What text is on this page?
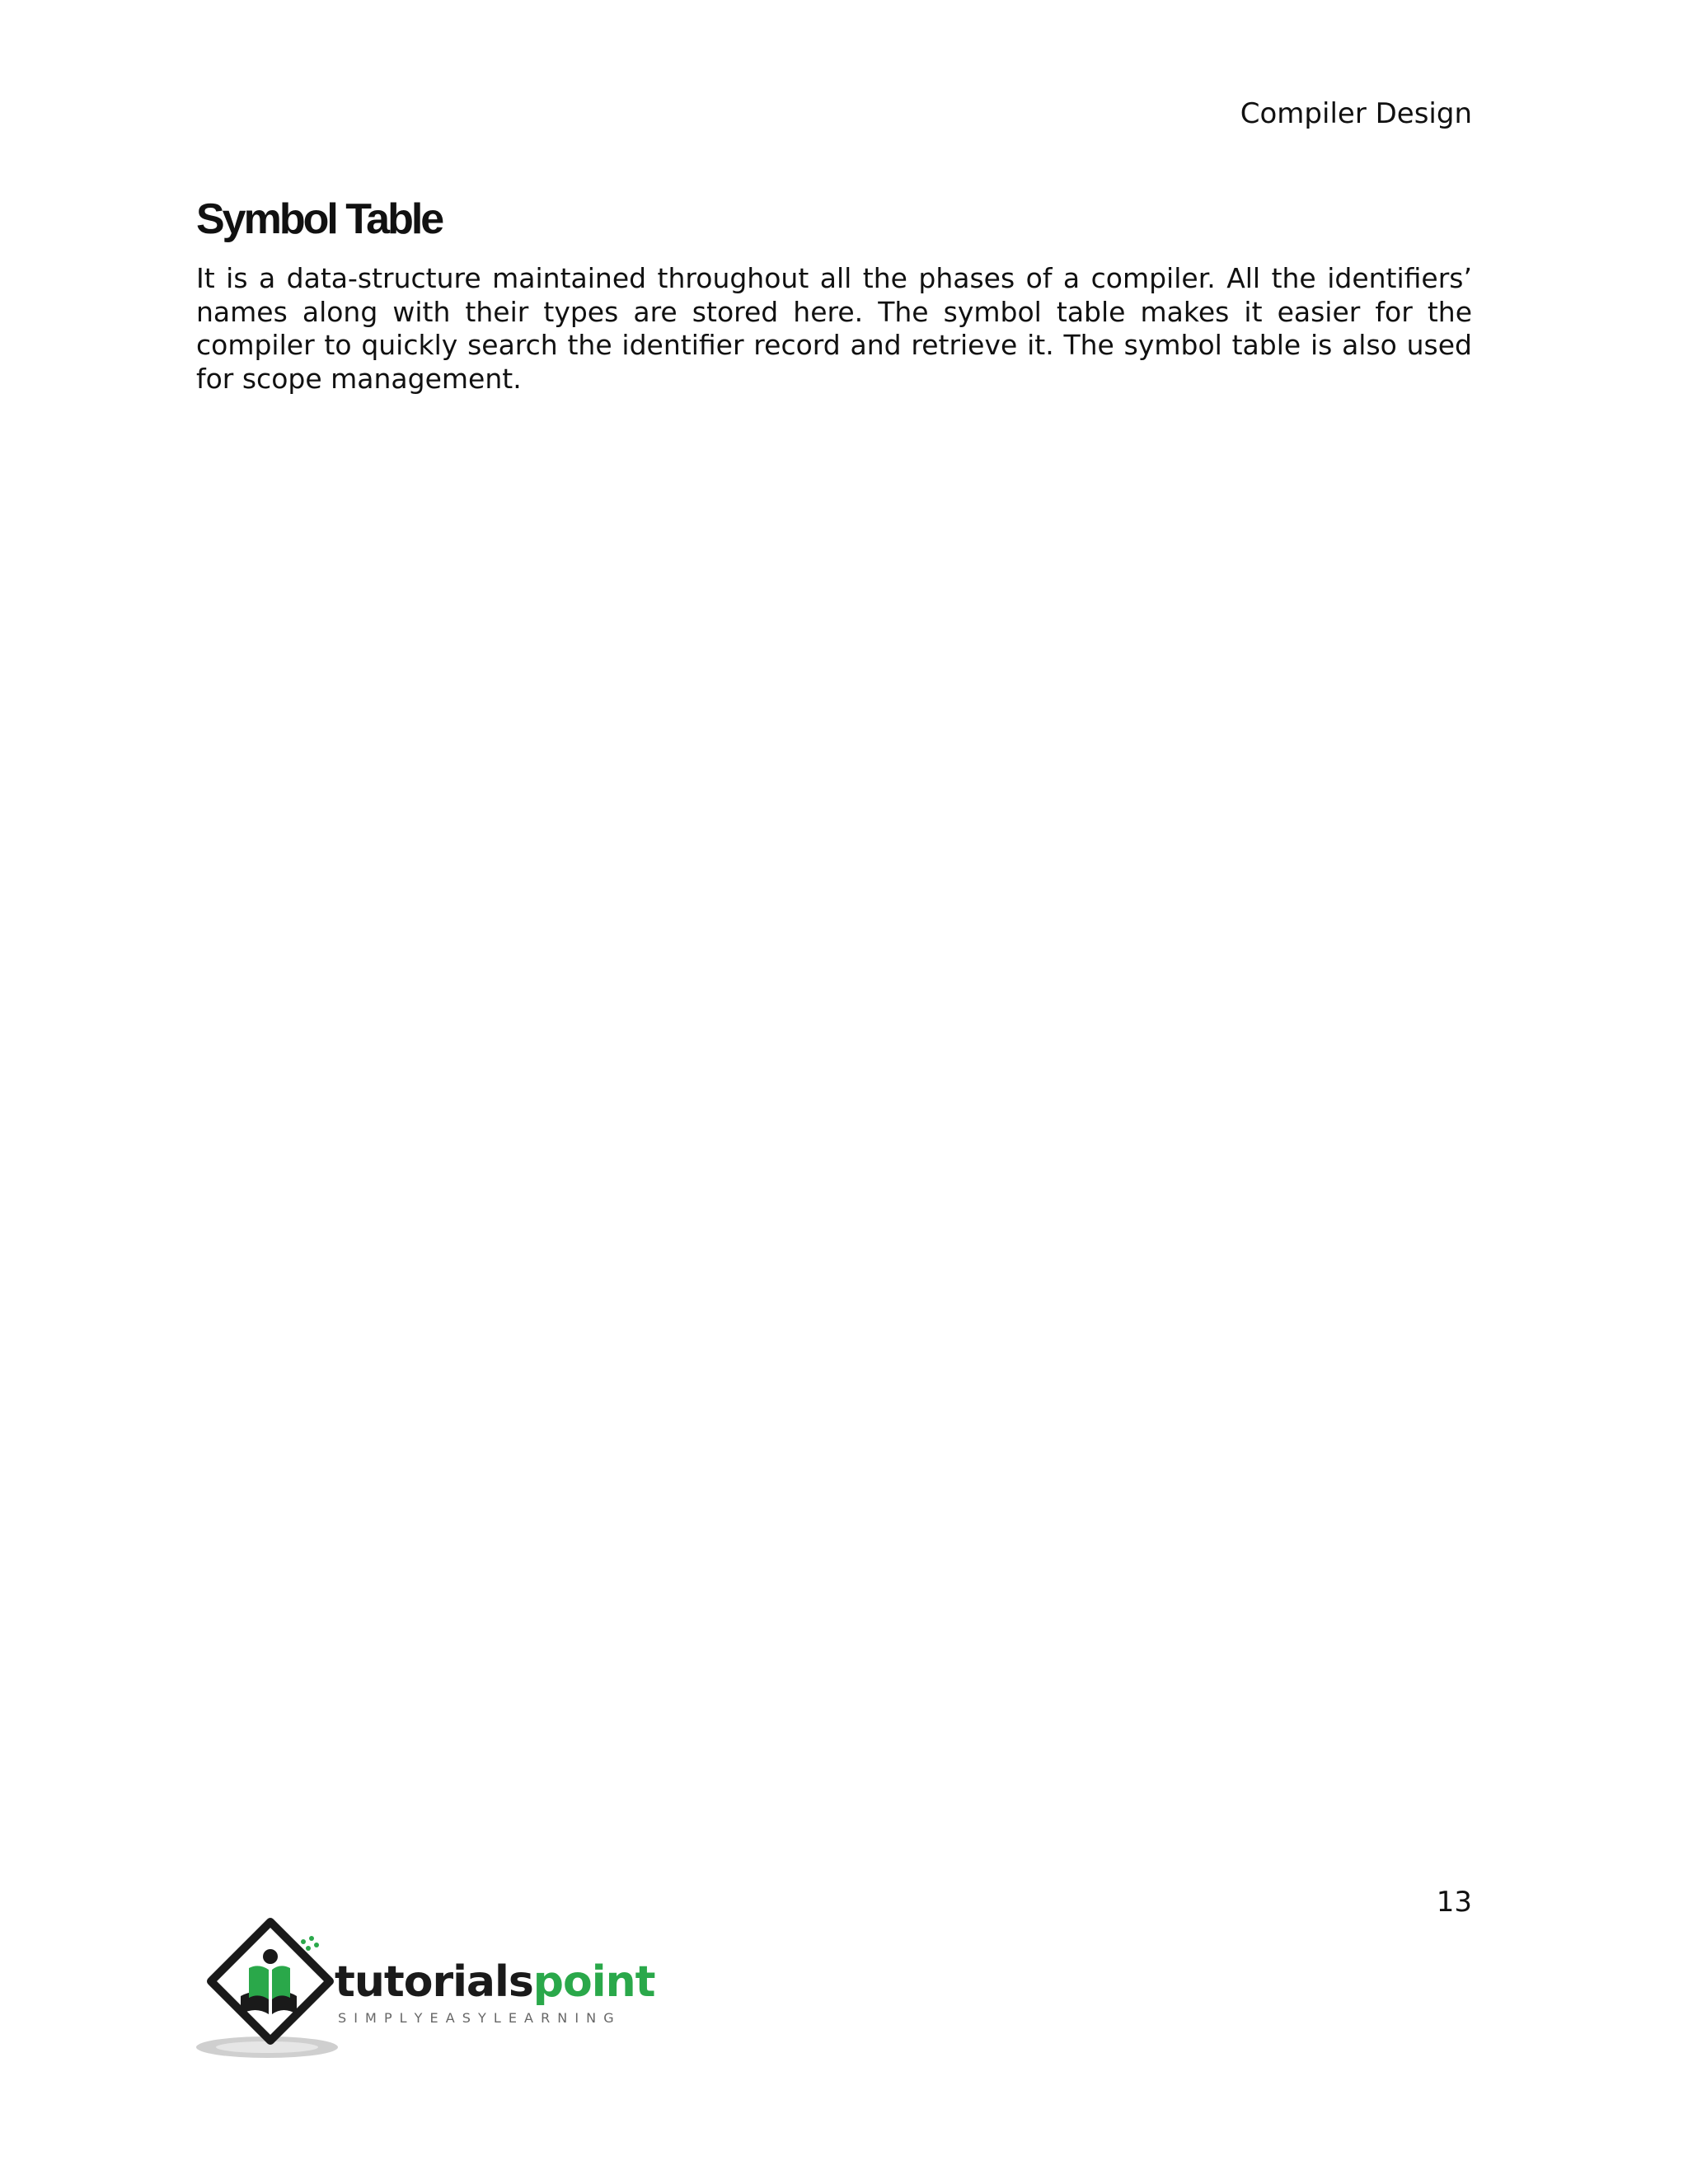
Compiler Design
Symbol Table

It is a data-structure maintained throughout all the phases of a compiler. All the identifiers’ names along with their types are stored here. The symbol table makes it easier for the compiler to quickly search the identifier record and retrieve it. The symbol table is also used for scope management.

13
tutorialspoint
S I M P L Y E A S Y L E A R N I N G
